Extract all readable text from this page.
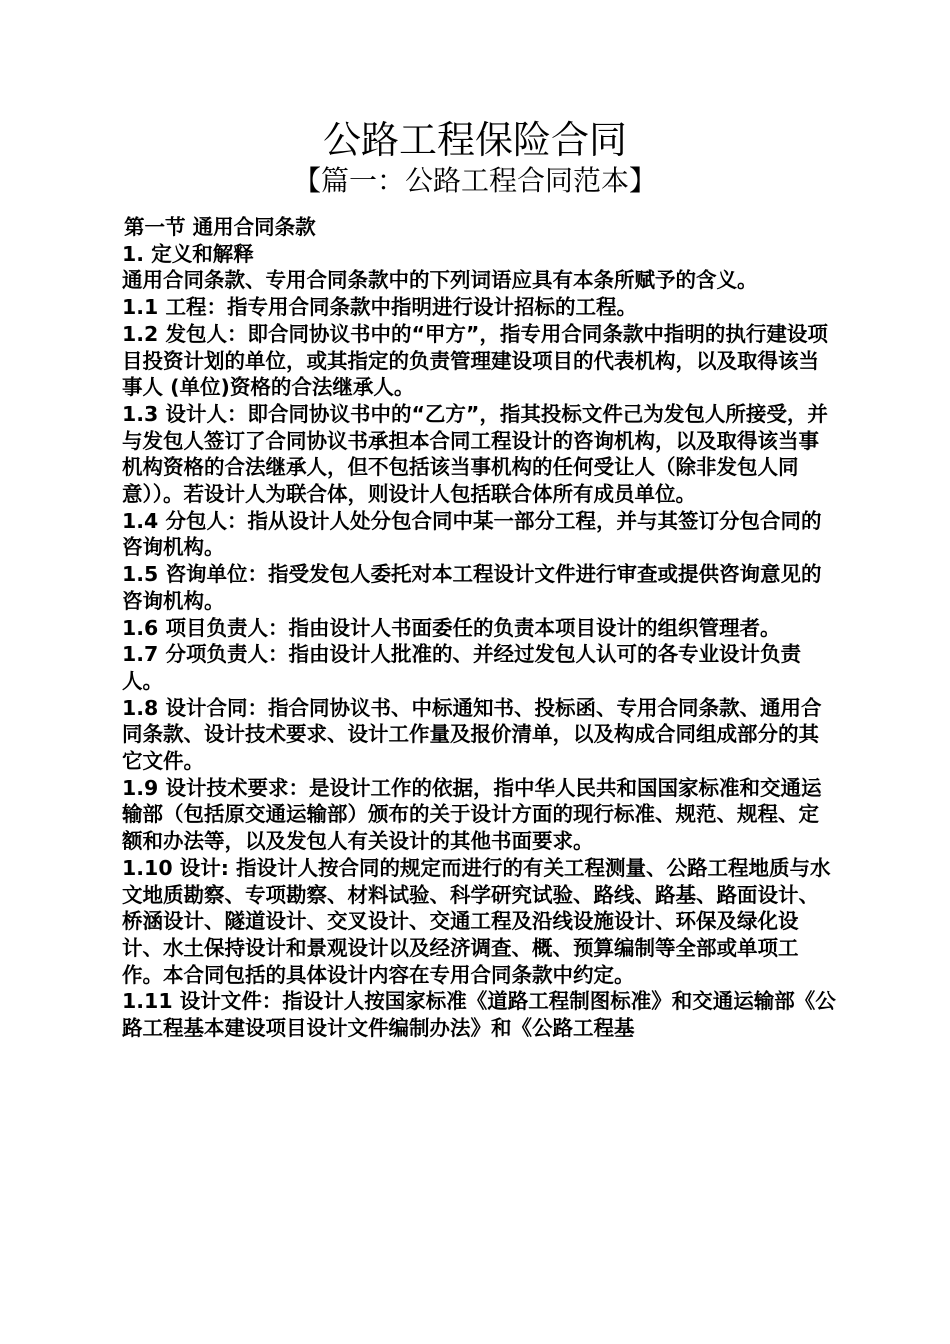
公路工程保险合同
【篇一：公路工程合同范本】

第一节 通用合同条款

1. 定义和解释

通用合同条款、专用合同条款中的下列词语应具有本条所赋予的含义。

1.1 工程：指专用合同条款中指明进行设计招标的工程。

1.2 发包人：即合同协议书中的“甲方”，指专用合同条款中指明的执行建设项目投资计划的单位，或其指定的负责管理建设项目的代表机构，以及取得该当事人 (单位)资格的合法继承人。

1.3 设计人：即合同协议书中的“乙方”，指其投标文件己为发包人所接受，并与发包人签订了合同协议书承担本合同工程设计的咨询机构，以及取得该当事机构资格的合法继承人，但不包括该当事机构的任何受让人（除非发包人同意））。若设计人为联合体，则设计人包括联合体所有成员单位。

1.4 分包人：指从设计人处分包合同中某一部分工程，并与其签订分包合同的 咨询机构。

1.5 咨询单位：指受发包人委托对本工程设计文件进行审查或提供咨询意见的咨询机构。

1.6 项目负责人：指由设计人书面委任的负责本项目设计的组织管理者。

1.7 分项负责人：指由设计人批准的、并经过发包人认可的各专业设计负责人。

1.8 设计合同：指合同协议书、中标通知书、投标函、专用合同条款、通用合同条款、设计技术要求、设计工作量及报价清单，以及构成合同组成部分的其它文件。

1.9 设计技术要求：是设计工作的依据，指中华人民共和国国家标准和交通运输部（包括原交通运输部）颁布的关于设计方面的现行标准、规范、规程、定额和办法等，以及发包人有关设计的其他书面要求。

1.10 设计: 指设计人按合同的规定而进行的有关工程测量、公路工程地质与水文地质勘察、专项勘察、材料试验、科学研究试验、路线、路基、路面设计、桥涵设计、隧道设计、交叉设计、交通工程及沿线设施设计、环保及绿化设计、水土保持设计和景观设计以及经济调查、概、预算编制等全部或单项工作。本合同包括的具体设计内容在专用合同条款中约定。

1.11 设计文件：指设计人按国家标准《道路工程制图标准》和交通运输部《公路工程基本建设项目设计文件编制办法》和《公路工程基
